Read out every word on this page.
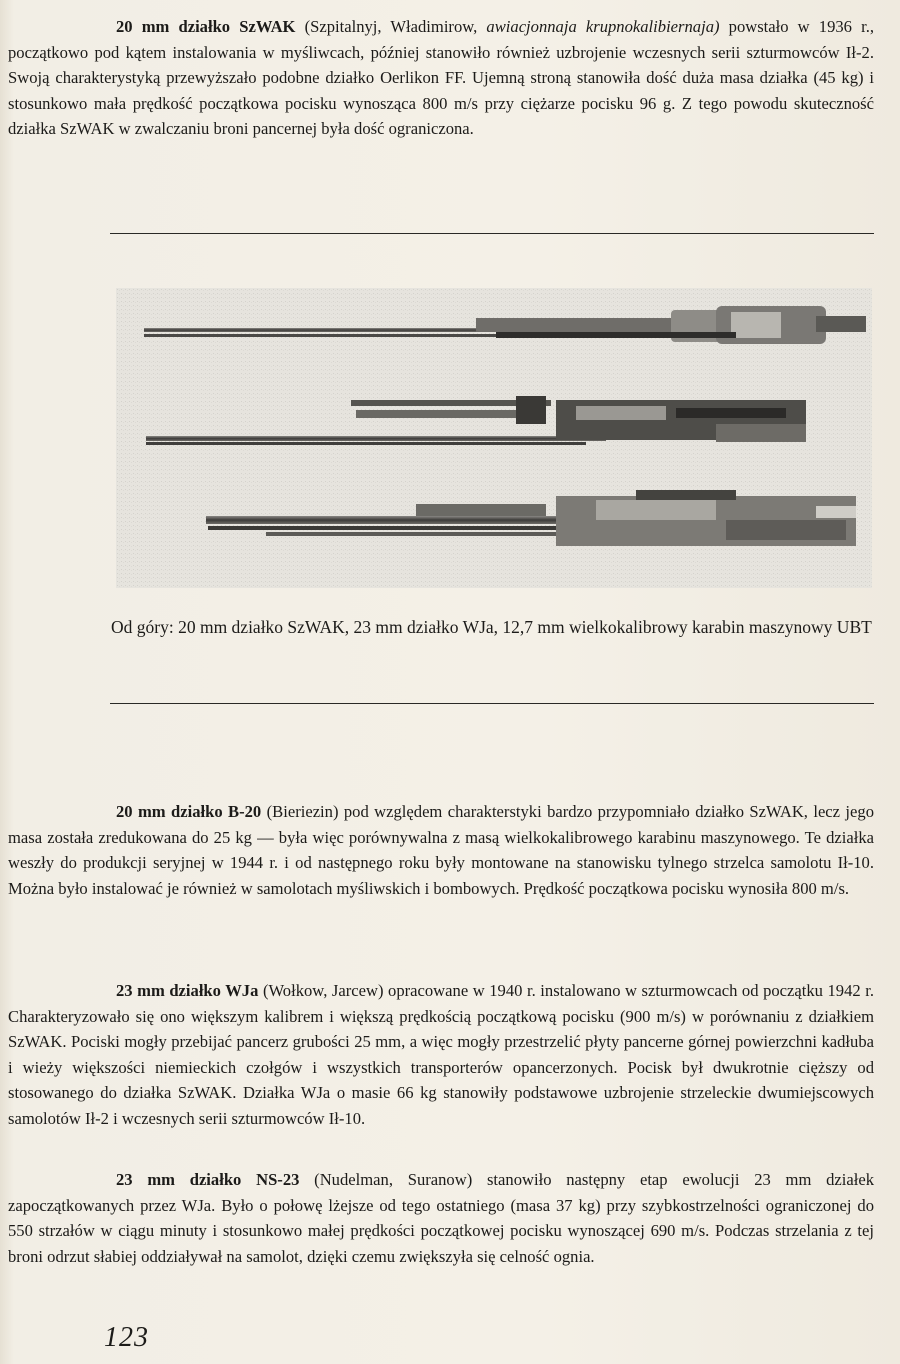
20 mm działko SzWAK (Szpitalnyj, Władimirow, awiacjonnaja krupnokalibiernaja) powstało w 1936 r., początkowo pod kątem instalowania w myśliwcach, później stanowiło również uzbrojenie wczesnych serii szturmowców Ił-2. Swoją charakterystyką przewyższało podobne działko Oerlikon FF. Ujemną stroną stanowiła dość duża masa działka (45 kg) i stosunkowo mała prędkość początkowa pocisku wynosząca 800 m/s przy ciężarze pocisku 96 g. Z tego powodu skuteczność działka SzWAK w zwalczaniu broni pancernej była dość ograniczona.

Od góry: 20 mm działko SzWAK, 23 mm działko WJa, 12,7 mm wielkokalibrowy karabin maszynowy UBT

20 mm działko B-20 (Bieriezin) pod względem charakterstyki bardzo przypomniało działko SzWAK, lecz jego masa została zredukowana do 25 kg — była więc porównywalna z masą wielkokalibrowego karabinu maszynowego. Te działka weszły do produkcji seryjnej w 1944 r. i od następnego roku były montowane na stanowisku tylnego strzelca samolotu Ił-10. Można było instalować je również w samolotach myśliwskich i bombowych. Prędkość początkowa pocisku wynosiła 800 m/s.

23 mm działko WJa (Wołkow, Jarcew) opracowane w 1940 r. instalowano w szturmowcach od początku 1942 r. Charakteryzowało się ono większym kalibrem i większą prędkością początkową pocisku (900 m/s) w porównaniu z działkiem SzWAK. Pociski mogły przebijać pancerz grubości 25 mm, a więc mogły przestrzelić płyty pancerne górnej powierzchni kadłuba i wieży większości niemieckich czołgów i wszystkich transporterów opancerzonych. Pocisk był dwukrotnie cięższy od stosowanego do działka SzWAK. Działka WJa o masie 66 kg stanowiły podstawowe uzbrojenie strzeleckie dwumiejscowych samolotów Ił-2 i wczesnych serii szturmowców Ił-10.

23 mm działko NS-23 (Nudelman, Suranow) stanowiło następny etap ewolucji 23 mm działek zapoczątkowanych przez WJa. Było o połowę lżejsze od tego ostatniego (masa 37 kg) przy szybkostrzelności ograniczonej do 550 strzałów w ciągu minuty i stosunkowo małej prędkości początkowej pocisku wynoszącej 690 m/s. Podczas strzelania z tej broni odrzut słabiej oddziaływał na samolot, dzięki czemu zwiększyła się celność ognia.

123
